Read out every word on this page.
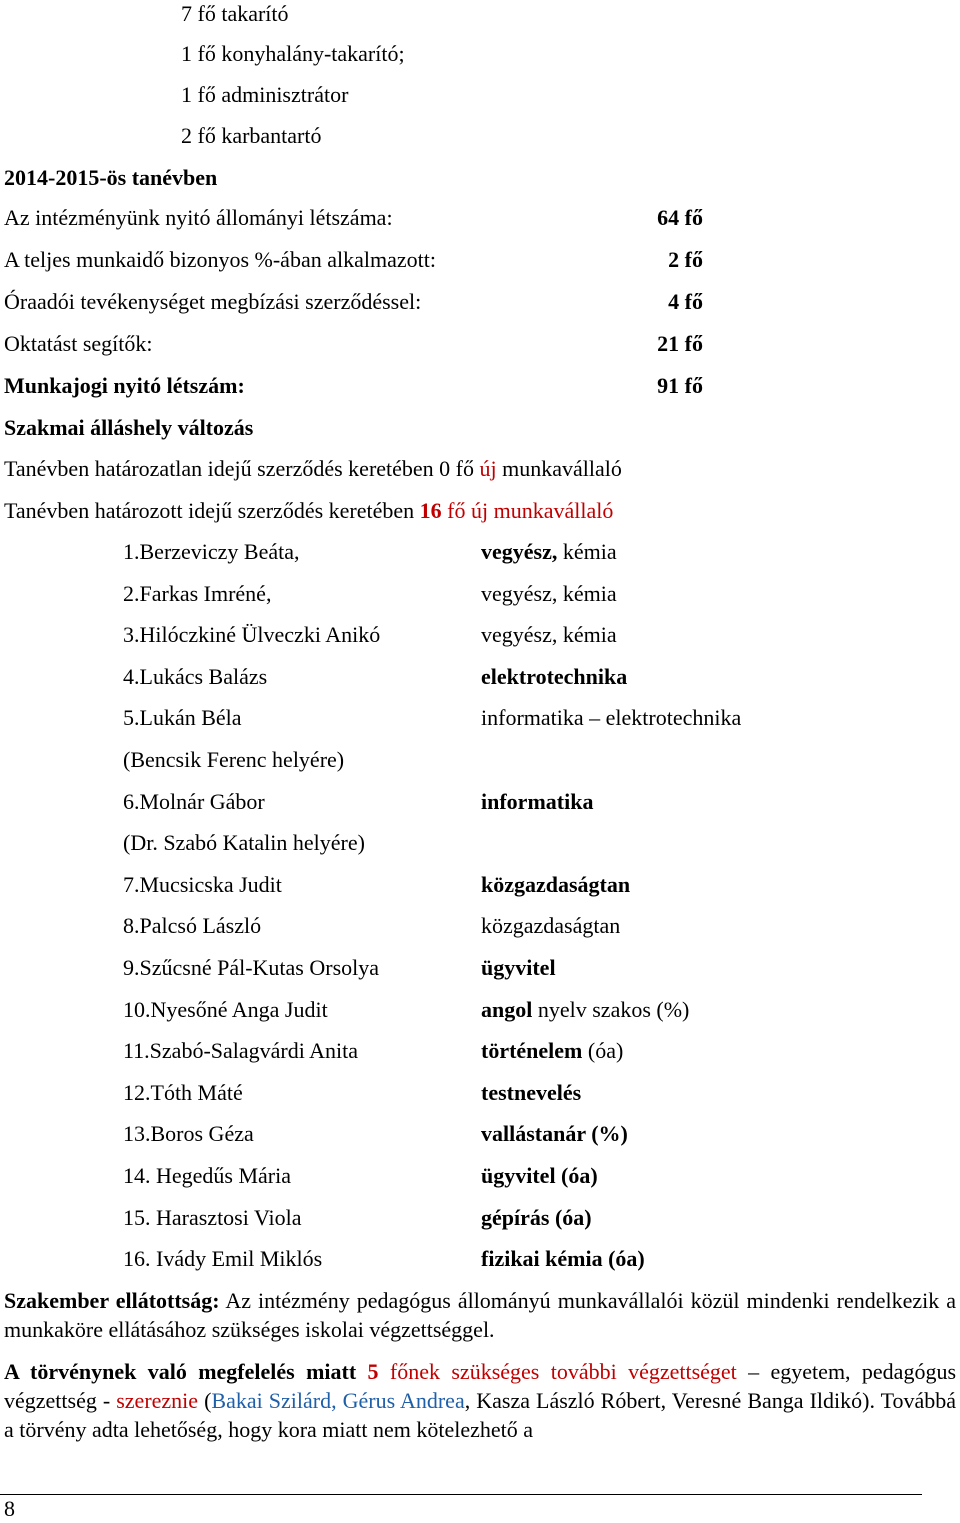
7 fő takarító
1 fő konyhalány-takarító;
1 fő adminisztrátor
2 fő karbantartó
2014-2015-ös tanévben
Az intézményünk nyitó állományi létszáma:	64 fő
A teljes munkaidő bizonyos %-ában alkalmazott:	2 fő
Óraadói tevékenységet megbízási szerződéssel:	4 fő
Oktatást segítők:	21 fő
Munkajogi nyitó létszám:	91 fő
Szakmai álláshely változás
Tanévben határozatlan idejű szerződés keretében 0 fő új munkavállaló
Tanévben határozott idejű szerződés keretében 16 fő új munkavállaló
1.Berzeviczy Beáta,	vegyész, kémia
2.Farkas Imréné,	vegyész, kémia
3.Hilóczkiné Ülveczki Anikó	vegyész, kémia
4.Lukács Balázs	elektrotechnika
5.Lukán Béla	informatika – elektrotechnika
(Bencsik Ferenc helyére)
6.Molnár Gábor	informatika
(Dr. Szabó Katalin helyére)
7.Mucsicska Judit	közgazdaságtan
8.Palcsó László	közgazdaságtan
9.Szűcsné Pál-Kutas Orsolya	ügyvitel
10.Nyesőné Anga Judit	angol nyelv szakos (%)
11.Szabó-Salagvárdi Anita	történelem (óa)
12.Tóth Máté	testnevelés
13.Boros Géza	vallástanár (%)
14. Hegedűs Mária	ügyvitel (óa)
15. Harasztosi Viola	gépírás (óa)
16. Ivády Emil Miklós	fizikai kémia (óa)
Szakember ellátottság: Az intézmény pedagógus állományú munkavállalói közül mindenki rendelkezik a munkaköre ellátásához szükséges iskolai végzettséggel.
A törvénynek való megfelelés miatt 5 főnek szükséges további végzettséget – egyetem, pedagógus végzettség - szereznie (Bakai Szilárd, Gérus Andrea, Kasza László Róbert, Veresné Banga Ildikó). Továbbá a törvény adta lehetőség, hogy kora miatt nem kötelezhető a
8
